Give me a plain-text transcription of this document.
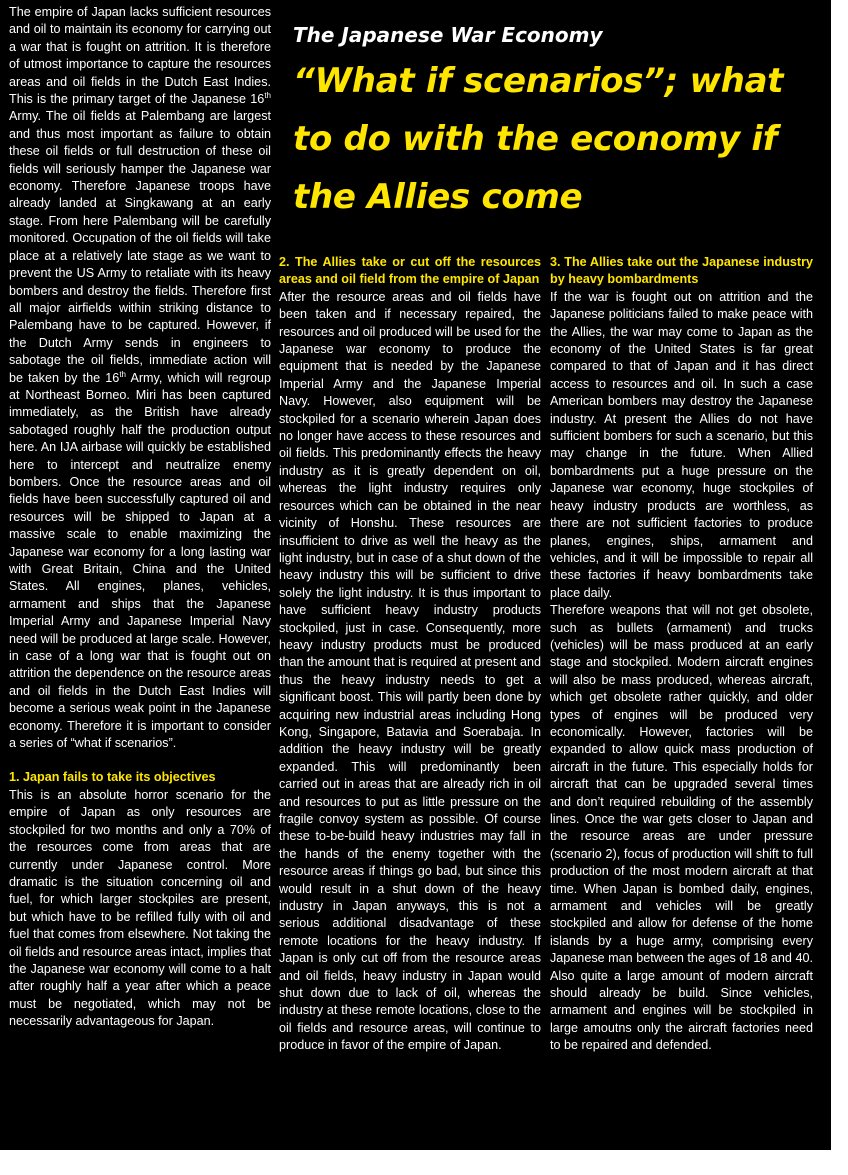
The empire of Japan lacks sufficient resources and oil to maintain its economy for carrying out a war that is fought on attrition. It is therefore of utmost importance to capture the resources areas and oil fields in the Dutch East Indies. This is the primary target of the Japanese 16th Army. The oil fields at Palembang are largest and thus most important as failure to obtain these oil fields or full destruction of these oil fields will seriously hamper the Japanese war economy. Therefore Japanese troops have already landed at Singkawang at an early stage. From here Palembang will be carefully monitored. Occupation of the oil fields will take place at a relatively late stage as we want to prevent the US Army to retaliate with its heavy bombers and destroy the fields. Therefore first all major airfields within striking distance to Palembang have to be captured. However, if the Dutch Army sends in engineers to sabotage the oil fields, immediate action will be taken by the 16th Army, which will regroup at Northeast Borneo. Miri has been captured immediately, as the British have already sabotaged roughly half the production output here. An IJA airbase will quickly be established here to intercept and neutralize enemy bombers. Once the resource areas and oil fields have been successfully captured oil and resources will be shipped to Japan at a massive scale to enable maximizing the Japanese war economy for a long lasting war with Great Britain, China and the United States. All engines, planes, vehicles, armament and ships that the Japanese Imperial Army and Japanese Imperial Navy need will be produced at large scale. However, in case of a long war that is fought out on attrition the dependence on the resource areas and oil fields in the Dutch East Indies will become a serious weak point in the Japanese economy. Therefore it is important to consider a series of “what if scenarios”.

1. Japan fails to take its objectives

This is an absolute horror scenario for the empire of Japan as only resources are stockpiled for two months and only a 70% of the resources come from areas that are currently under Japanese control. More dramatic is the situation concerning oil and fuel, for which larger stockpiles are present, but which have to be refilled fully with oil and fuel that comes from elsewhere. Not taking the oil fields and resource areas intact, implies that the Japanese war economy will come to a halt after roughly half a year after which a peace must be negotiated, which may not be necessarily advantageous for Japan.

The Japanese War Economy

“What if scenarios”; what to do with the economy if the Allies come

2. The Allies take or cut off the resources areas and oil field from the empire of Japan

After the resource areas and oil fields have been taken and if necessary repaired, the resources and oil produced will be used for the Japanese war economy to produce the equipment that is needed by the Japanese Imperial Army and the Japanese Imperial Navy. However, also equipment will be stockpiled for a scenario wherein Japan does no longer have access to these resources and oil fields. This predominantly effects the heavy industry as it is greatly dependent on oil, whereas the light industry requires only resources which can be obtained in the near vicinity of Honshu. These resources are insufficient to drive as well the heavy as the light industry, but in case of a shut down of the heavy industry this will be sufficient to drive solely the light industry. It is thus important to have sufficient heavy industry products stockpiled, just in case. Consequently, more heavy industry products must be produced than the amount that is required at present and thus the heavy industry needs to get a significant boost. This will partly been done by acquiring new industrial areas including Hong Kong, Singapore, Batavia and Soerabaja. In addition the heavy industry will be greatly expanded. This will predominantly been carried out in areas that are already rich in oil and resources to put as little pressure on the fragile convoy system as possible. Of course these to-be-build heavy industries may fall in the hands of the enemy together with the resource areas if things go bad, but since this would result in a shut down of the heavy industry in Japan anyways, this is not a serious additional disadvantage of these remote locations for the heavy industry. If Japan is only cut off from the resource areas and oil fields, heavy industry in Japan would shut down due to lack of oil, whereas the industry at these remote locations, close to the oil fields and resource areas, will continue to produce in favor of the empire of Japan.

3. The Allies take out the Japanese industry by heavy bombardments

If the war is fought out on attrition and the Japanese politicians failed to make peace with the Allies, the war may come to Japan as the economy of the United States is far great compared to that of Japan and it has direct access to resources and oil. In such a case American bombers may destroy the Japanese industry. At present the Allies do not have sufficient bombers for such a scenario, but this may change in the future. When Allied bombardments put a huge pressure on the Japanese war economy, huge stockpiles of heavy industry products are worthless, as there are not sufficient factories to produce planes, engines, ships, armament and vehicles, and it will be impossible to repair all these factories if heavy bombardments take place daily.

Therefore weapons that will not get obsolete, such as bullets (armament) and trucks (vehicles) will be mass produced at an early stage and stockpiled. Modern aircraft engines will also be mass produced, whereas aircraft, which get obsolete rather quickly, and older types of engines will be produced very economically. However, factories will be expanded to allow quick mass production of aircraft in the future. This especially holds for aircraft that can be upgraded several times and don’t required rebuilding of the assembly lines. Once the war gets closer to Japan and the resource areas are under pressure (scenario 2), focus of production will shift to full production of the most modern aircraft at that time. When Japan is bombed daily, engines, armament and vehicles will be greatly stockpiled and allow for defense of the home islands by a huge army, comprising every Japanese man between the ages of 18 and 40. Also quite a large amount of modern aircraft should already be build. Since vehicles, armament and engines will be stockpiled in large amoutns only the aircraft factories need to be repaired and defended.
